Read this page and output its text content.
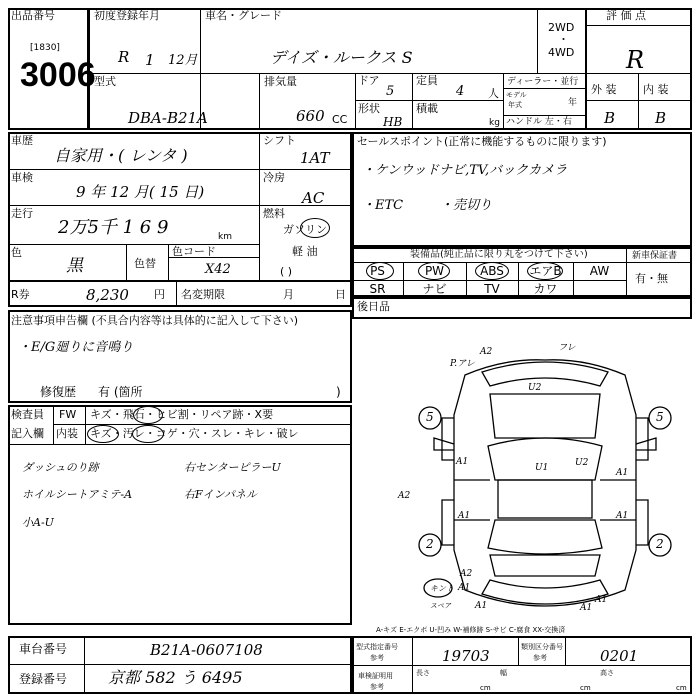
出品番号
[1830]
3006
初度登録年月
R 1 12月
車名・グレード
デイズ・ルークス S
2WD
・
4WD
評 価 点
R
型式
DBA-B21A
排気量
660 CC
ドア
5
定員
4 人
形状
HB
積載
kg
ディーラー・並行
モデル
年式	年
ハンドル 左・右
外 装 内 装
B	B
車歴
自家用・( レンタ )
シフト
1AT
車検
9 年 12 月( 15 日)
冷房
AC
走行
2万5千 1 6 9	km
燃料
ガソリン
軽 油
( )
色
黒	色替
色コード
X42
R券	8,230 円 名変期限	月	日
注意事項申告欄 (不具合内容等は具体的に記入して下さい)
・E/G廻りに音鳴り
修復歴 有 (箇所	)
検査員
記入欄
FW キズ・飛石・ヒビ割・リペア跡・X要
内装 キズ・汚レ・コゲ・穴・スレ・キレ・破レ
ダッシュのり跡
ホイルシートアミテ-A
小A-U
右センターピラーU
右Fインパネル
セールスポイント(正常に機能するものに限ります)
・ケンウッドナビ,TV,バックカメラ
・ETC	・売切り
装備品(純正品に限り丸をつけて下さい)	新車保証書
有・無
PS	PW	ABS	エアB	AW
SR	ナビ	TV	カワ
後日品
P.アレ
A2	フレ
U2
5	5
U2
A1
U1	A1
A1
A2
A1
2	2
A2
A1
A1
A1
A1
キント
スペア
A-キズ E-エクボ U-凹み W-補修跡 S-サビ C-腐食 XX-交換済
車台番号	B21A-0607108
登録番号	京都 582 う 6495
型式指定番号
参考	19703	類別区分番号
参考	0201
車検証明用
参考
長さ
cm
幅
cm
高さ
cm
